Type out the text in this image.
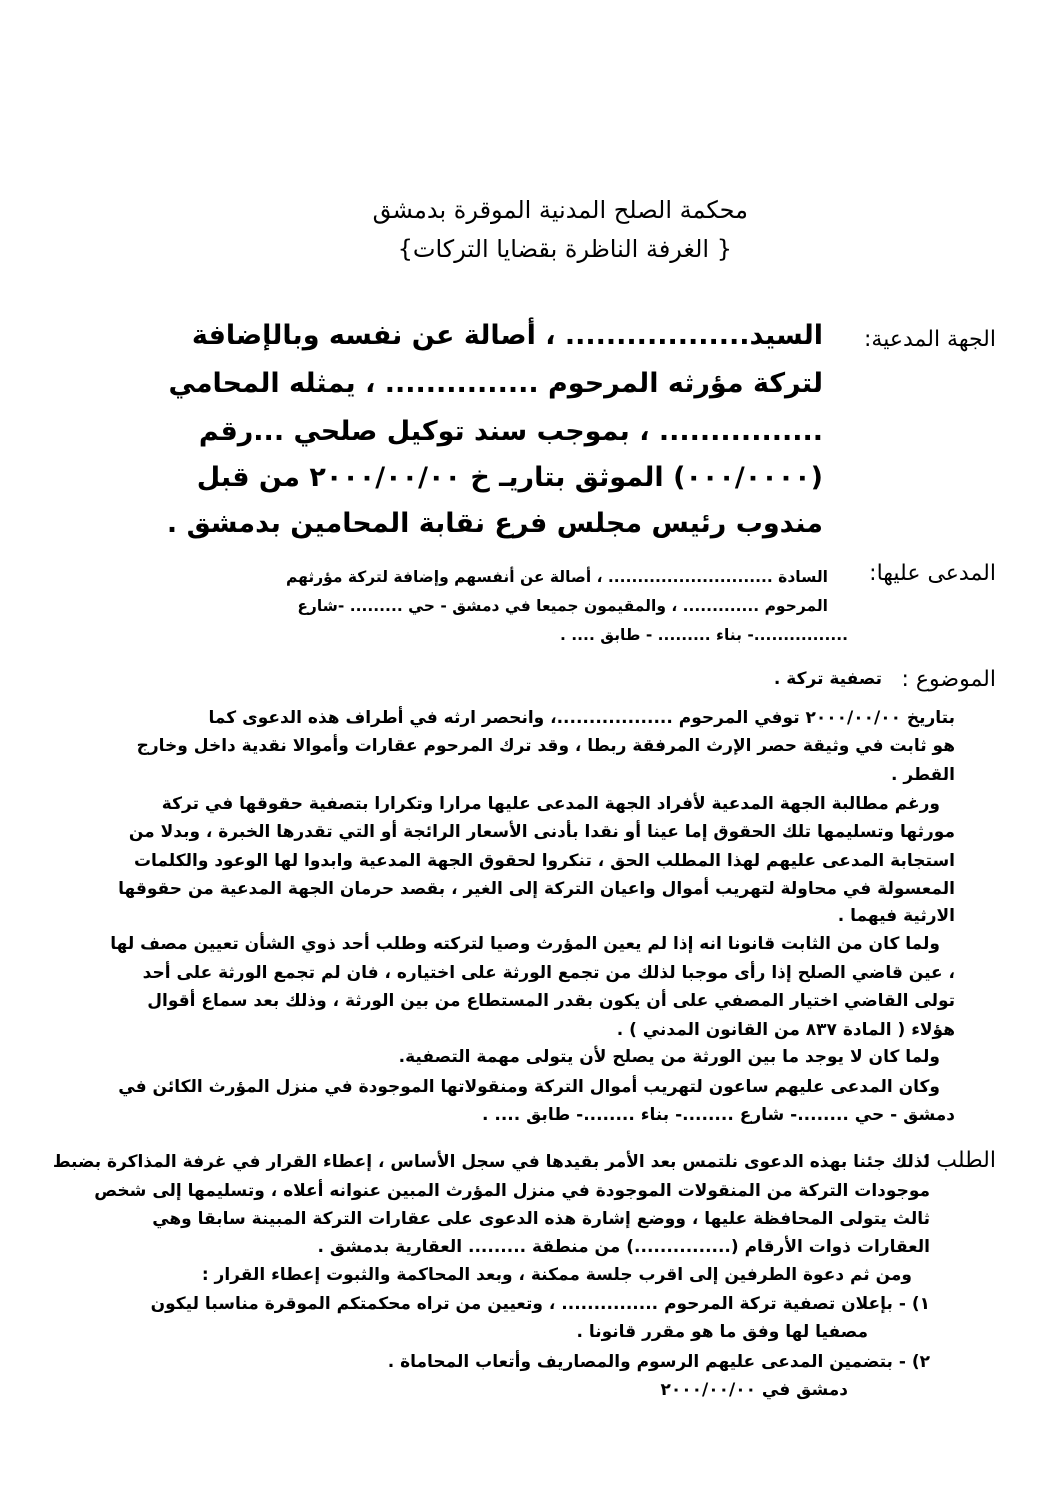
محكمة الصلح المدنية الموقرة بدمشق
{ الغرفة الناظرة بقضايا التركات}
الجهة المدعية:
السيد.................. ، أصالة عن نفسه وبالإضافة
لتركة مؤرثه المرحوم ............... ، يمثله المحامي
................ ، بموجب سند توكيل صلحي ...رقم
(٠٠٠/٠٠٠٠) الموثق بتاريـ خ ٢٠٠٠/٠٠/٠٠ من قبل
مندوب رئيس مجلس فرع نقابة المحامين بدمشق .
المدعى عليها:
السادة ............................ ، أصالة عن أنفسهم وإضافة لتركة مؤرثهم
المرحوم ............. ، والمقيمون جميعا في دمشق - حي ......... -شارع
................- بناء ......... - طابق .... .
الموضوع :
تصفية تركة .
بتاريخ ٢٠٠٠/٠٠/٠٠ توفي المرحوم ..................، وانحصر ارثه في أطراف هذه الدعوى كما
هو ثابت في وثيقة حصر الإرث المرفقة ربطا ، وقد ترك المرحوم عقارات وأموالا نقدية داخل وخارج
القطر .
ورغم مطالبة الجهة المدعية لأفراد الجهة المدعى عليها مرارا وتكرارا بتصفية حقوقها في تركة
مورثها وتسليمها تلك الحقوق إما عينا أو نقدا بأدنى الأسعار الرائجة أو التي تقدرها الخبرة ، وبدلا من
استجابة المدعى عليهم لهذا المطلب الحق ، تنكروا لحقوق الجهة المدعية وابدوا لها الوعود والكلمات
المعسولة في محاولة لتهريب أموال واعيان التركة إلى الغير ، بقصد حرمان الجهة المدعية من حقوقها
الارثية فيهما .
ولما كان من الثابت قانونا انه إذا لم يعين المؤرث وصيا لتركته وطلب أحد ذوي الشأن تعيين مصف لها
، عين قاضي الصلح إذا رأى موجبا لذلك من تجمع الورثة على اختياره ، فان لم تجمع الورثة على أحد
تولى القاضي اختيار المصفي على أن يكون بقدر المستطاع من بين الورثة ، وذلك بعد سماع أقوال
هؤلاء ( المادة ٨٣٧ من القانون المدني ) .
ولما كان لا يوجد ما بين الورثة من يصلح لأن يتولى مهمة التصفية.
وكان المدعى عليهم ساعون لتهريب أموال التركة ومنقولاتها الموجودة في منزل المؤرث الكائن في
دمشق - حي ........- شارع ........- بناء ........- طابق .... .
الطلب :
لذلك جئنا بهذه الدعوى نلتمس بعد الأمر بقيدها في سجل الأساس ، إعطاء القرار في غرفة المذاكرة بضبط
موجودات التركة من المنقولات الموجودة في منزل المؤرث المبين عنوانه أعلاه ، وتسليمها إلى شخص
ثالث يتولى المحافظة عليها ، ووضع إشارة هذه الدعوى على عقارات التركة المبينة سابقا وهي
العقارات ذوات الأرقام (...............) من منطقة ......... العقارية بدمشق .
ومن ثم دعوة الطرفين إلى اقرب جلسة ممكنة ، وبعد المحاكمة والثبوت إعطاء القرار :
١) - بإعلان تصفية تركة المرحوم ............... ، وتعيين من تراه محكمتكم الموقرة مناسبا ليكون
مصفيا لها وفق ما هو مقرر قانونا .
٢) - بتضمين المدعى عليهم الرسوم والمصاريف وأتعاب المحاماة .
دمشق في ٢٠٠٠/٠٠/٠٠
